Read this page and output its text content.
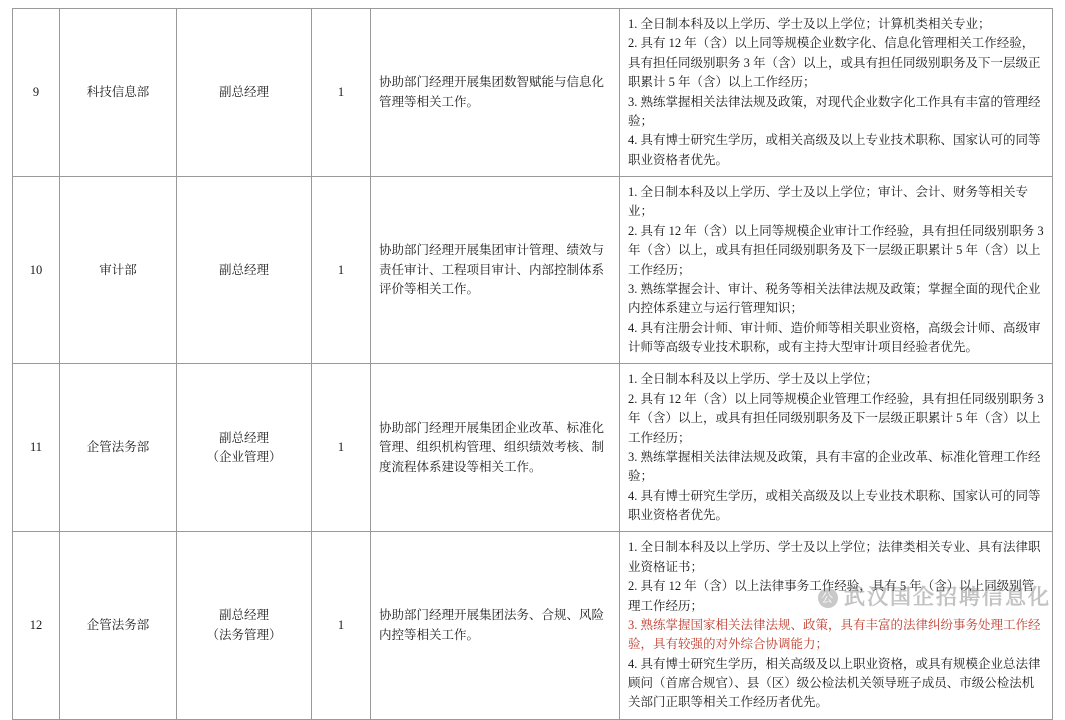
9	科技信息部	副总经理	1	协助部门经理开展集团数智赋能与信息化管理等相关工作。	1. 全日制本科及以上学历、学士及以上学位；计算机类相关专业；
2. 具有 12 年（含）以上同等规模企业数字化、信息化管理相关工作经验，具有担任同级别职务 3 年（含）以上，或具有担任同级别职务及下一层级正职累计 5 年（含）以上工作经历；
3. 熟练掌握相关法律法规及政策，对现代企业数字化工作具有丰富的管理经验；
4. 具有博士研究生学历，或相关高级及以上专业技术职称、国家认可的同等职业资格者优先。

10	审计部	副总经理	1	协助部门经理开展集团审计管理、绩效与责任审计、工程项目审计、内部控制体系评价等相关工作。	1. 全日制本科及以上学历、学士及以上学位；审计、会计、财务等相关专业；
2. 具有 12 年（含）以上同等规模企业审计工作经验，具有担任同级别职务 3 年（含）以上，或具有担任同级别职务及下一层级正职累计 5 年（含）以上工作经历；
3. 熟练掌握会计、审计、税务等相关法律法规及政策；掌握全面的现代企业内控体系建立与运行管理知识；
4. 具有注册会计师、审计师、造价师等相关职业资格，高级会计师、高级审计师等高级专业技术职称，或有主持大型审计项目经验者优先。

11	企管法务部	副总经理
（企业管理）	1	协助部门经理开展集团企业改革、标准化管理、组织机构管理、组织绩效考核、制度流程体系建设等相关工作。	1. 全日制本科及以上学历、学士及以上学位；
2. 具有 12 年（含）以上同等规模企业管理工作经验，具有担任同级别职务 3 年（含）以上，或具有担任同级别职务及下一层级正职累计 5 年（含）以上工作经历；
3. 熟练掌握相关法律法规及政策，具有丰富的企业改革、标准化管理工作经验；
4. 具有博士研究生学历，或相关高级及以上专业技术职称、国家认可的同等职业资格者优先。

12	企管法务部	副总经理
（法务管理）	1	协助部门经理开展集团法务、合规、风险内控等相关工作。	1. 全日制本科及以上学历、学士及以上学位；法律类相关专业、具有法律职业资格证书；
2. 具有 12 年（含）以上法律事务工作经验，具有 5 年（含）以上同级别管理工作经历；
3. 熟练掌握国家相关法律法规、政策，具有丰富的法律纠纷事务处理工作经验，具有较强的对外综合协调能力；
4. 具有博士研究生学历，相关高级及以上职业资格，或具有规模企业总法律顾问（首席合规官）、县（区）级公检法机关领导班子成员、市级公检法机关部门正职等相关工作经历者优先。
公 武汉国企招聘信息化
